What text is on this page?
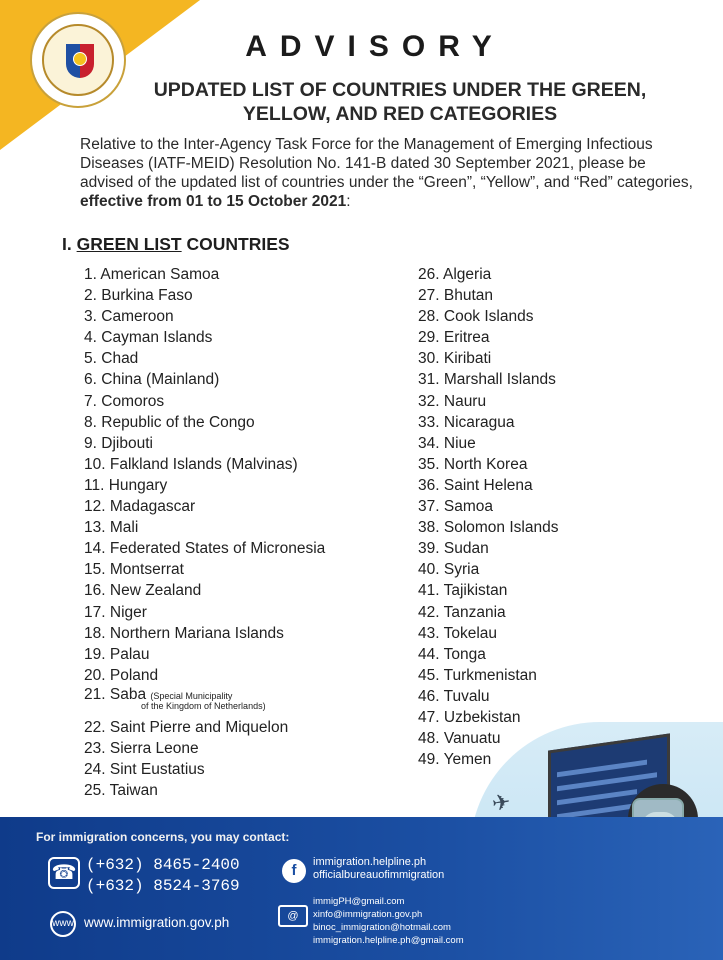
ADVISORY
UPDATED LIST OF COUNTRIES UNDER THE GREEN,
YELLOW, AND RED CATEGORIES

Relative to the Inter-Agency Task Force for the Management of Emerging Infectious Diseases (IATF-MEID) Resolution No. 141-B dated 30 September 2021, please be advised of the updated list of countries under the “Green”, “Yellow”, and “Red” categories, effective from 01 to 15 October 2021:

I. GREEN LIST COUNTRIES
1. American Samoa
2. Burkina Faso
3. Cameroon
4. Cayman Islands
5. Chad
6. China (Mainland)
7. Comoros
8. Republic of the Congo
9. Djibouti
10. Falkland Islands (Malvinas)
11. Hungary
12. Madagascar
13. Mali
14. Federated States of Micronesia
15. Montserrat
16. New Zealand
17. Niger
18. Northern Mariana Islands
19. Palau
20. Poland
21. Saba (Special Municipality
of the Kingdom of Netherlands)
22. Saint Pierre and Miquelon
23. Sierra Leone
24. Sint Eustatius
25. Taiwan
26. Algeria
27. Bhutan
28. Cook Islands
29. Eritrea
30. Kiribati
31. Marshall Islands
32. Nauru
33. Nicaragua
34. Niue
35. North Korea
36. Saint Helena
37. Samoa
38. Solomon Islands
39. Sudan
40. Syria
41. Tajikistan
42. Tanzania
43. Tokelau
44. Tonga
45. Turkmenistan
46. Tuvalu
47. Uzbekistan
48. Vanuatu
49. Yemen
✈
For immigration concerns, you may contact:
☎ (+632) 8465-2400
(+632) 8524-3769
www www.immigration.gov.ph
f	immigration.helpline.ph
officialbureauofimmigration
@
immigPH@gmail.com
xinfo@immigration.gov.ph
binoc_immigration@hotmail.com
immigration.helpline.ph@gmail.com
